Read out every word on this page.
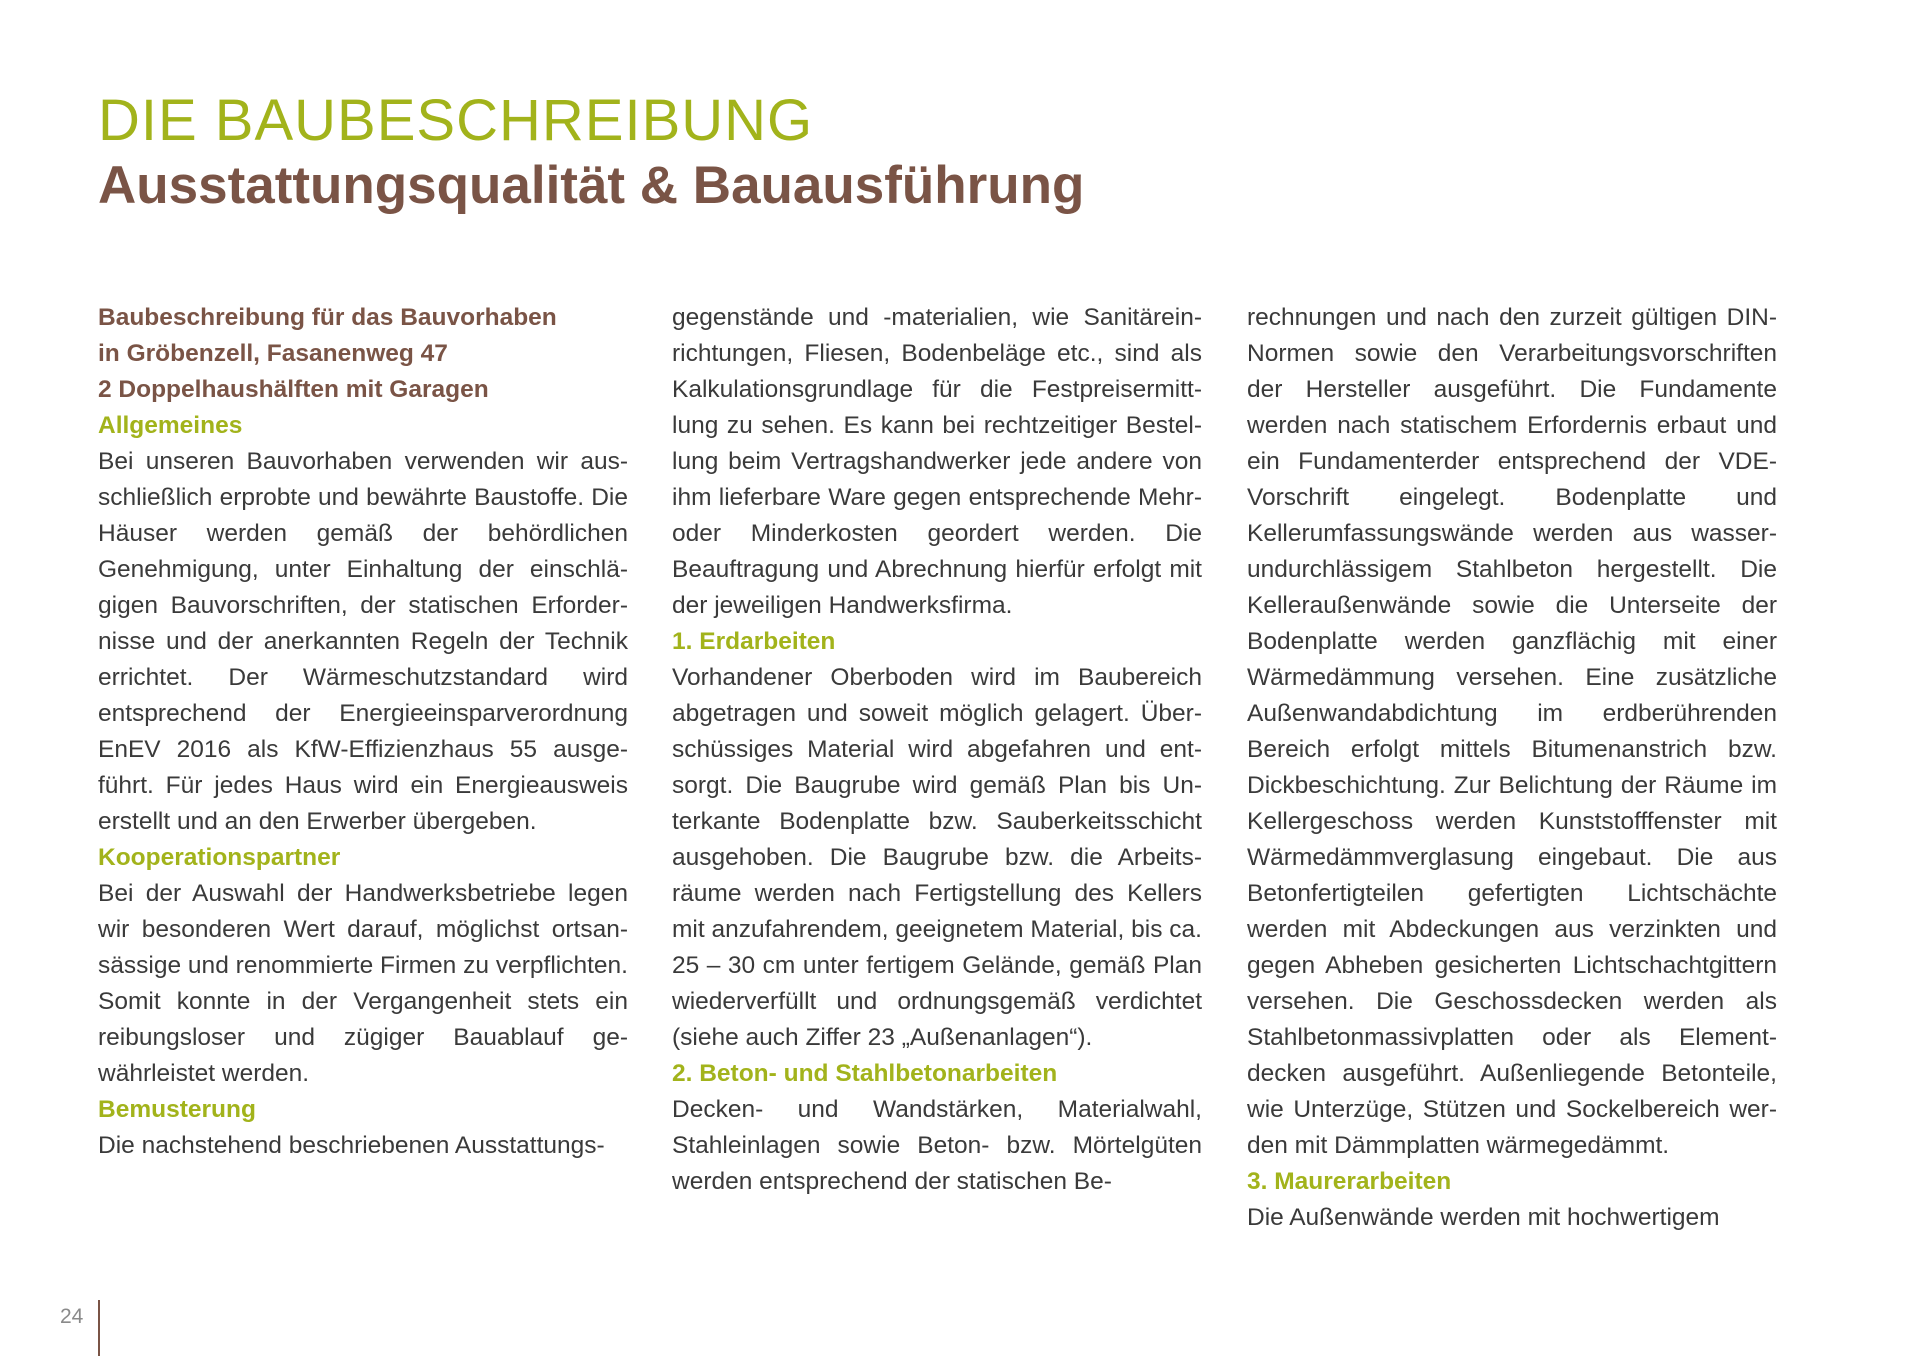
DIE BAUBESCHREIBUNG
Ausstattungsqualität & Bauausführung
Baubeschreibung für das Bauvorhaben
in Gröbenzell, Fasanenweg 47
2 Doppelhaushälften mit Garagen

Allgemeines

Bei unseren Bauvorhaben verwenden wir ausschließlich erprobte und bewährte Baustoffe. Die Häuser werden gemäß der behördlichen Genehmigung, unter Einhaltung der einschlägigen Bauvorschriften, der statischen Erfordernisse und der anerkannten Regeln der Technik errichtet. Der Wärmeschutzstandard wird entsprechend der Energieeinsparverordnung EnEV 2016 als KfW-Effizienzhaus 55 ausgeführt. Für jedes Haus wird ein Energieausweis erstellt und an den Erwerber übergeben.

Kooperationspartner

Bei der Auswahl der Handwerksbetriebe legen wir besonderen Wert darauf, möglichst ortsansässige und renommierte Firmen zu verpflichten. Somit konnte in der Vergangenheit stets ein reibungsloser und zügiger Bauablauf gewährleistet werden.

Bemusterung

Die nachstehend beschriebenen Ausstattungs-

gegenstände und -materialien, wie Sanitäreinrichtungen, Fliesen, Bodenbeläge etc., sind als Kalkulationsgrundlage für die Festpreisermittlung zu sehen. Es kann bei rechtzeitiger Bestellung beim Vertragshandwerker jede andere von ihm lieferbare Ware gegen entsprechende Mehr- oder Minderkosten geordert werden. Die Beauftragung und Abrechnung hierfür erfolgt mit der jeweiligen Handwerksfirma.

1. Erdarbeiten

Vorhandener Oberboden wird im Baubereich abgetragen und soweit möglich gelagert. Überschüssiges Material wird abgefahren und entsorgt. Die Baugrube wird gemäß Plan bis Unterkante Bodenplatte bzw. Sauberkeitsschicht ausgehoben. Die Baugrube bzw. die Arbeitsräume werden nach Fertigstellung des Kellers mit anzufahrendem, geeignetem Material, bis ca. 25 – 30 cm unter fertigem Gelände, gemäß Plan wiederverfüllt und ordnungsgemäß verdichtet (siehe auch Ziffer 23 „Außenanlagen“).

2. Beton- und Stahlbetonarbeiten

Decken- und Wandstärken, Materialwahl, Stahleinlagen sowie Beton- bzw. Mörtelgüten werden entsprechend der statischen Be-

rechnungen und nach den zurzeit gültigen DIN-Normen sowie den Verarbeitungsvorschriften der Hersteller ausgeführt. Die Fundamente werden nach statischem Erfordernis erbaut und ein Fundamenterder entsprechend der VDE-Vorschrift eingelegt. Bodenplatte und Kellerumfassungswände werden aus wasserundurchlässigem Stahlbeton hergestellt. Die Kelleraußenwände sowie die Unterseite der Bodenplatte werden ganzflächig mit einer Wärmedämmung versehen. Eine zusätzliche Außenwandabdichtung im erdberührenden Bereich erfolgt mittels Bitumenanstrich bzw. Dickbeschichtung. Zur Belichtung der Räume im Kellergeschoss werden Kunststofffenster mit Wärmedämmverglasung eingebaut. Die aus Betonfertigteilen gefertigten Lichtschächte werden mit Abdeckungen aus verzinkten und gegen Abheben gesicherten Lichtschachtgittern versehen. Die Geschossdecken werden als Stahlbetonmassivplatten oder als Elementdecken ausgeführt. Außenliegende Betonteile, wie Unterzüge, Stützen und Sockelbereich werden mit Dämmplatten wärmegedämmt.

3. Maurerarbeiten

Die Außenwände werden mit hochwertigem

24
